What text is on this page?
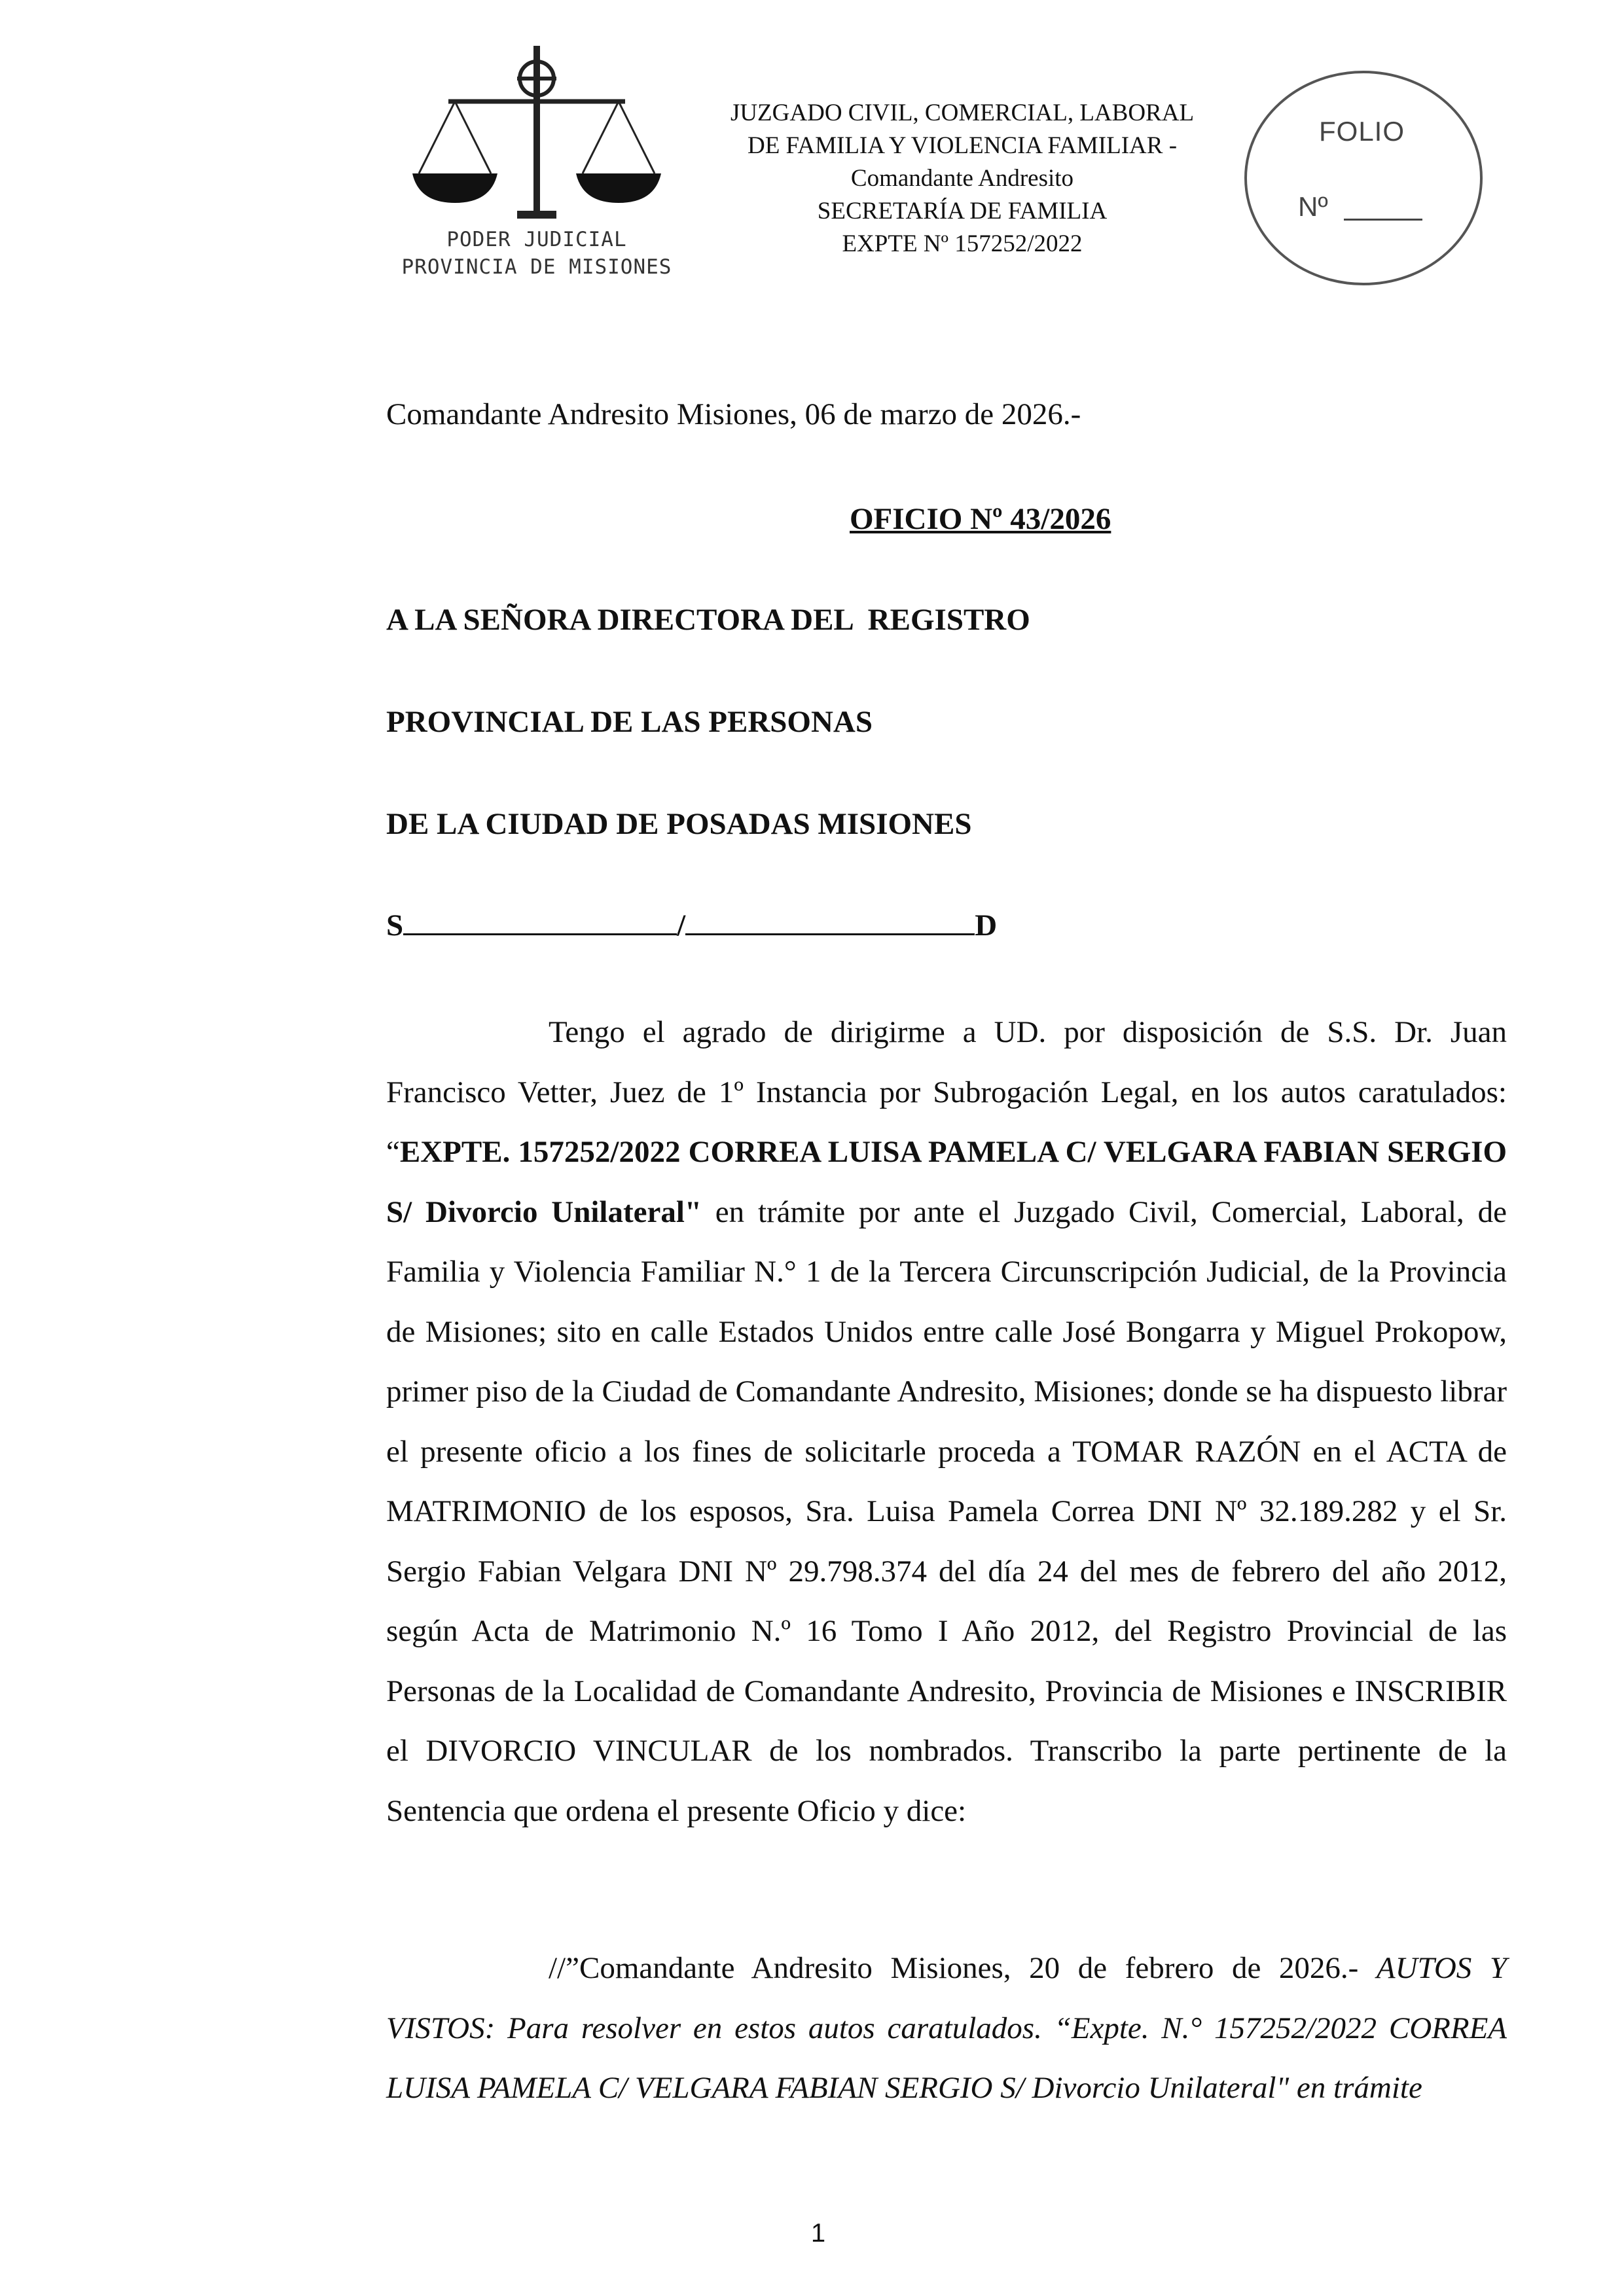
PODER JUDICIAL
PROVINCIA DE MISIONES
JUZGADO CIVIL, COMERCIAL, LABORAL
DE FAMILIA Y VIOLENCIA FAMILIAR -
Comandante Andresito
SECRETARÍA DE FAMILIA
EXPTE Nº 157252/2022
FOLIO
Nº
Comandante Andresito Misiones, 06 de marzo de 2026.-
OFICIO Nº 43/2026
A LA SEÑORA DIRECTORA DEL  REGISTRO
PROVINCIAL DE LAS PERSONAS
DE LA CIUDAD DE POSADAS MISIONES
S	/	D
Tengo el agrado de dirigirme a UD. por disposición de S.S. Dr. Juan Francisco Vetter, Juez de 1º Instancia por Subrogación Legal, en los autos caratulados: “EXPTE. 157252/2022 CORREA LUISA PAMELA C/ VELGARA FABIAN SERGIO S/ Divorcio Unilateral" en trámite por ante el Juzgado Civil, Comercial, Laboral, de Familia y Violencia Familiar N.° 1 de la Tercera Circunscripción Judicial, de la Provincia de Misiones; sito en calle Estados Unidos entre calle José Bongarra y Miguel Prokopow, primer piso de la Ciudad de Comandante Andresito, Misiones; donde se ha dispuesto librar el presente oficio a los fines de solicitarle proceda a TOMAR RAZÓN en el ACTA de MATRIMONIO de los esposos, Sra. Luisa Pamela Correa DNI Nº 32.189.282 y el Sr. Sergio Fabian Velgara DNI Nº 29.798.374 del día 24 del mes de febrero del año 2012, según Acta de Matrimonio N.º 16 Tomo I Año 2012, del Registro Provincial de las Personas de la Localidad de Comandante Andresito, Provincia de Misiones e INSCRIBIR el DIVORCIO VINCULAR de los nombrados. Transcribo la parte pertinente de la Sentencia que ordena el presente Oficio y dice:
//”Comandante Andresito Misiones, 20 de febrero de 2026.- AUTOS Y VISTOS: Para resolver en estos autos caratulados. “Expte. N.° 157252/2022 CORREA LUISA PAMELA C/ VELGARA FABIAN SERGIO S/ Divorcio Unilateral" en trámite
1
